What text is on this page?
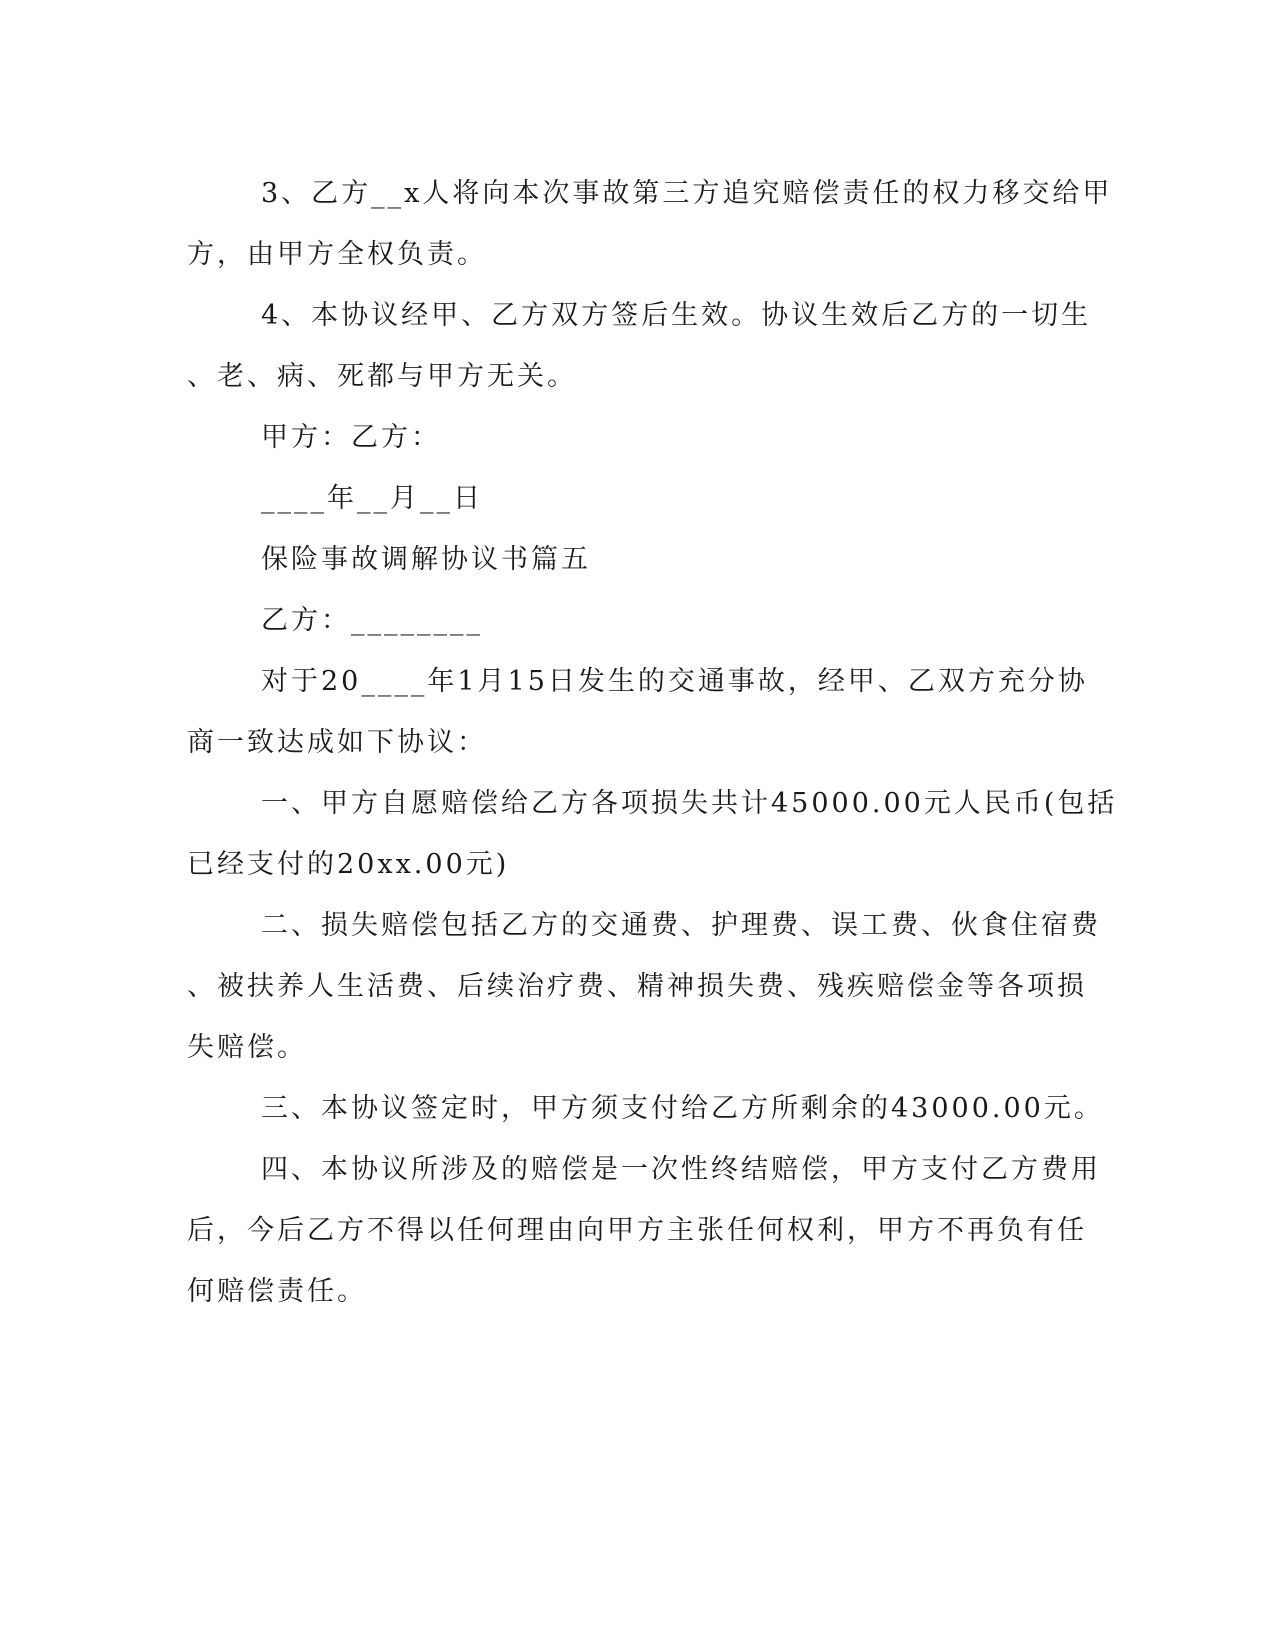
3、乙方__x人将向本次事故第三方追究赔偿责任的权力移交给甲
方，由甲方全权负责。
4、本协议经甲、乙方双方签后生效。协议生效后乙方的一切生
、老、病、死都与甲方无关。
甲方：乙方：
____年__月__日
保险事故调解协议书篇五
乙方：________
对于20____年1月15日发生的交通事故，经甲、乙双方充分协
商一致达成如下协议：
一、甲方自愿赔偿给乙方各项损失共计45000.00元人民币(包括
已经支付的20xx.00元)
二、损失赔偿包括乙方的交通费、护理费、误工费、伙食住宿费
、被扶养人生活费、后续治疗费、精神损失费、残疾赔偿金等各项损
失赔偿。
三、本协议签定时，甲方须支付给乙方所剩余的43000.00元。
四、本协议所涉及的赔偿是一次性终结赔偿，甲方支付乙方费用
后，今后乙方不得以任何理由向甲方主张任何权利，甲方不再负有任
何赔偿责任。
